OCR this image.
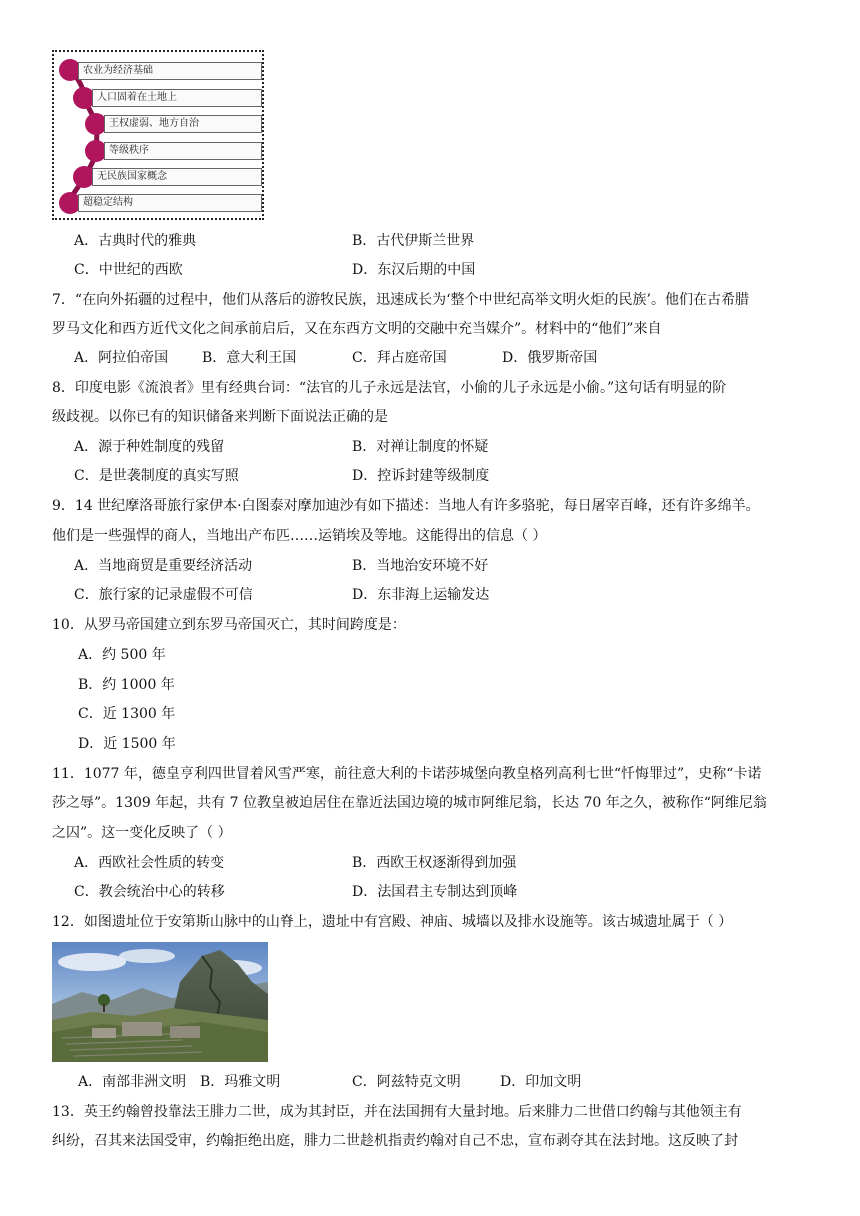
农业为经济基础
人口固着在土地上
王权虚弱、地方自治
等级秩序
无民族国家概念
超稳定结构
A．古典时代的雅典	B．古代伊斯兰世界
C．中世纪的西欧	D．东汉后期的中国
7．“在向外拓疆的过程中，他们从落后的游牧民族，迅速成长为‘整个中世纪高举文明火炬的民族’。他们在古希腊
罗马文化和西方近代文化之间承前启后，又在东西方文明的交融中充当媒介”。材料中的“他们”来自
A．阿拉伯帝国 B．意大利王国	C．拜占庭帝国	D．俄罗斯帝国
8．印度电影《流浪者》里有经典台词：“法官的儿子永远是法官，小偷的儿子永远是小偷。”这句话有明显的阶
级歧视。以你已有的知识储备来判断下面说法正确的是
A．源于种姓制度的残留	B．对禅让制度的怀疑
C．是世袭制度的真实写照	D．控诉封建等级制度
9．14 世纪摩洛哥旅行家伊本·白图泰对摩加迪沙有如下描述：当地人有许多骆驼，每日屠宰百峰，还有许多绵羊。
他们是一些强悍的商人，当地出产布匹……运销埃及等地。这能得出的信息（ ）
A．当地商贸是重要经济活动	B．当地治安环境不好
C．旅行家的记录虚假不可信	D．东非海上运输发达
10．从罗马帝国建立到东罗马帝国灭亡，其时间跨度是：
A．约 500 年
B．约 1000 年
C．近 1300 年
D．近 1500 年
11．1077 年，德皇亨利四世冒着风雪严寒，前往意大利的卡诺莎城堡向教皇格列高利七世“忏悔罪过”，史称“卡诺
莎之辱”。1309 年起，共有 7 位教皇被迫居住在靠近法国边境的城市阿维尼翁，长达 70 年之久，被称作“阿维尼翁
之囚”。这一变化反映了（ ）
A．西欧社会性质的转变	B．西欧王权逐渐得到加强
C．教会统治中心的转移	D．法国君主专制达到顶峰
12．如图遗址位于安第斯山脉中的山脊上，遗址中有宫殿、神庙、城墙以及排水设施等。该古城遗址属于（ ）
A．南部非洲文明 B．玛雅文明	C．阿兹特克文明	D．印加文明
13．英王约翰曾投靠法王腓力二世，成为其封臣，并在法国拥有大量封地。后来腓力二世借口约翰与其他领主有
纠纷，召其来法国受审，约翰拒绝出庭，腓力二世趁机指责约翰对自己不忠，宣布剥夺其在法封地。这反映了封
